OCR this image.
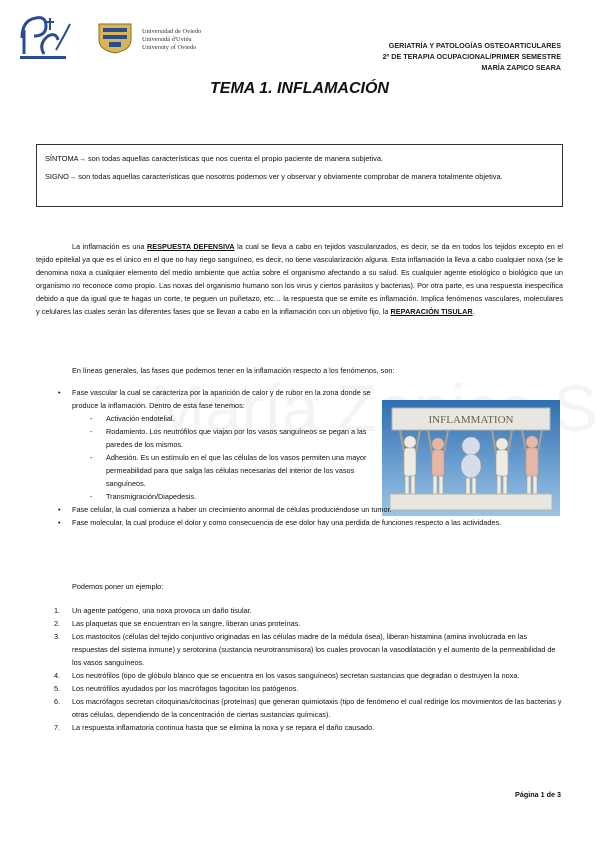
Universidad de Oviedo
Universidá d'Uviéu
University of Oviedo	GERIATRÍA Y PATOLOGÍAS OSTEOARTICULARES
2º DE TERAPIA OCUPACIONAL/PRIMER SEMESTRE
MARÍA ZAPICO SEARA
TEMA 1. INFLAMACIÓN

SÍNTOMA→ son todas aquellas características que nos cuenta el propio paciente de manera subjetiva.

SIGNO→ son todas aquellas características que nosotros podemos ver y observar y obviamente comprobar de manera totalmente objetiva.

La inflamación es una RESPUESTA DEFENSIVA la cual se lleva a cabo en tejidos vascularizados, es decir, se da en todos los tejidos excepto en el tejido epitelial ya que es el único en el que no hay riego sanguíneo, es decir, no tiene vascularización alguna. Esta inflamación la lleva a cabo cualquier noxa (se le denomina noxa a cualquier elemento del medio ambiente que actúa sobre el organismo afectando a su salud. Es cualquier agente etiológico o biológico que un organismo no reconoce como propio. Las noxas del organismo humano son los virus y ciertos parásitos y bacterias). Por otra parte, es una respuesta inespecífica debido a que da igual que te hagas un corte, te peguen un puñetazo, etc… la respuesta que se emite es inflamación. Implica fenómenos vasculares, moleculares y celulares las cuales serán las diferentes fases que se llevan a cabo en la inflamación con un objetivo fijo, la REPARACIÓN TISULAR.
En líneas generales, las fases que podemos tener en la inflamación respecto a los fenómenos, son:
INFLAMMATION
• Fase vascular la cual se caracteriza por la aparición de calor y de rubor en la zona donde se produce la inflamación. Dentro de esta fase tenemos:
- Activación endotelial.
- Rodamiento. Los neutrófilos que viajan por los vasos sanguíneos se pegan a las paredes de los mismos.
- Adhesión. Es un estímulo en el que las células de los vasos permiten una mayor permeabilidad para que salga las células necesarias del interior de los vasos sanguíneos.
- Transmigración/Diapedesis.
• Fase celular, la cual comienza a haber un crecimiento anormal de células produciéndose un tumor.
• Fase molecular, la cual produce el dolor y como consecuencia de ese dolor hay una perdida de funciones respecto a las actividades.
Podemos poner un ejemplo:
1. Un agente patógeno, una noxa provoca un daño tisular.
2. Las plaquetas que se encuentran en la sangre, liberan unas proteínas.
3. Los mastocitos (células del tejido conjuntivo originadas en las células madre de la médula ósea), liberan histamina (amina involucrada en las respuestas del sistema inmune) y serotonina (sustancia neurotransmisora) los cuales provocan la vasodilatación y el aumento de la permeabilidad de los vasos sanguíneos.
4. Los neutrófilos (tipo de glóbulo blanco que se encuentra en los vasos sanguíneos) secretan sustancias que degradan o destruyen la noxa.
5. Los neutrófilos ayudados por los macrófagos fagocitan los patógenos.
6. Los macrófagos secretan citoquinas/citocinas (proteínas) que generan quimiotaxis (tipo de fenómeno el cual redirige los movimientos de las bacterias y otras células, dependiendo de la concentración de ciertas sustancias químicas).
7. La respuesta inflamatoria continua hasta que se elimina la noxa y se repara el daño causado.
Página 1 de 3
